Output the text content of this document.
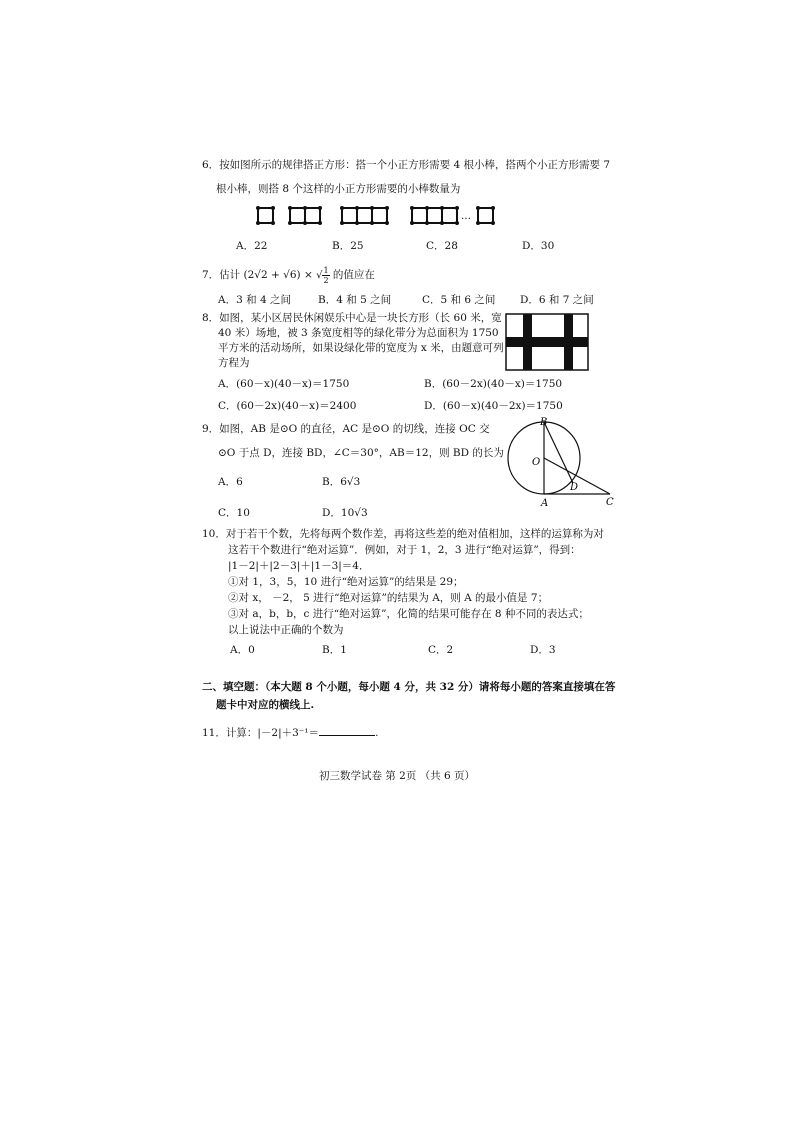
6．按如图所示的规律搭正方形：搭一个小正方形需要 4 根小棒，搭两个小正方形需要 7
根小棒，则搭 8 个这样的小正方形需要的小棒数量为
…
A．22	B．25	C．28	D．30
7．估计 (2√2 + √6) × √ $\frac{1}{2}$ 的值应在
A．3 和 4 之间	B．4 和 5 之间	C．5 和 6 之间 D．6 和 7 之间
8．如图，某小区居民休闲娱乐中心是一块长方形（长 60 米，宽
40 米）场地，被 3 条宽度相等的绿化带分为总面积为 1750
平方米的活动场所，如果设绿化带的宽度为 x 米，由题意可列
方程为
A．(60－x)(40－x)＝1750	B．(60－2x)(40－x)＝1750
C．(60－2x)(40－x)＝2400	D．(60－x)(40－2x)＝1750
9．如图，AB 是⊙O 的直径，AC 是⊙O 的切线，连接 OC 交
⊙O 于点 D，连接 BD，∠C＝30°，AB＝12，则 BD 的长为
A．6	B．6√3
C．10	D．10√3
B
O
D
A	C
10．对于若干个数，先将每两个数作差，再将这些差的绝对值相加，这样的运算称为对
这若干个数进行“绝对运算”．例如，对于 1，2，3 进行“绝对运算”，得到：
|1－2|＋|2－3|＋|1－3|＝4．
①对 1，3，5，10 进行“绝对运算”的结果是 29；
②对 x， －2， 5 进行“绝对运算”的结果为 A，则 A 的最小值是 7；
③对 a，b，b，c 进行“绝对运算”，化简的结果可能存在 8 种不同的表达式；
以上说法中正确的个数为
A．0	B．1	C．2	D．3
二、填空题：（本大题 8 个小题，每小题 4 分，共 32 分）请将每小题的答案直接填在答
题卡中对应的横线上.
11．计算：|－2|＋3⁻¹＝	.
初三数学试卷 第 2页 （共 6 页）
